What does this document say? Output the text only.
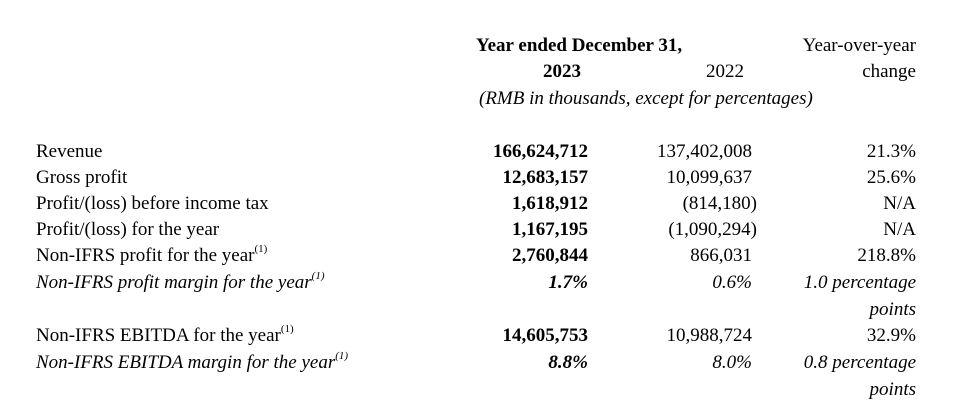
Year ended December 31,
2023	2022
Year-over-year
change
(RMB in thousands, except for percentages)
Revenue	166,624,712	137,402,008	21.3%
Gross profit	12,683,157	10,099,637	25.6%
Profit/(loss) before income tax	1,618,912	(814,180)	N/A
Profit/(loss) for the year	1,167,195	(1,090,294)	N/A
Non-IFRS profit for the year$^{(1)}$	2,760,844	866,031	218.8%
Non-IFRS profit margin for the year$^{(1)}$	1.7%	0.6%	1.0 percentage
points
Non-IFRS EBITDA for the year$^{(1)}$	14,605,753	10,988,724	32.9%
Non-IFRS EBITDA margin for the year$^{(1)}$	8.8%	8.0%	0.8 percentage
points
